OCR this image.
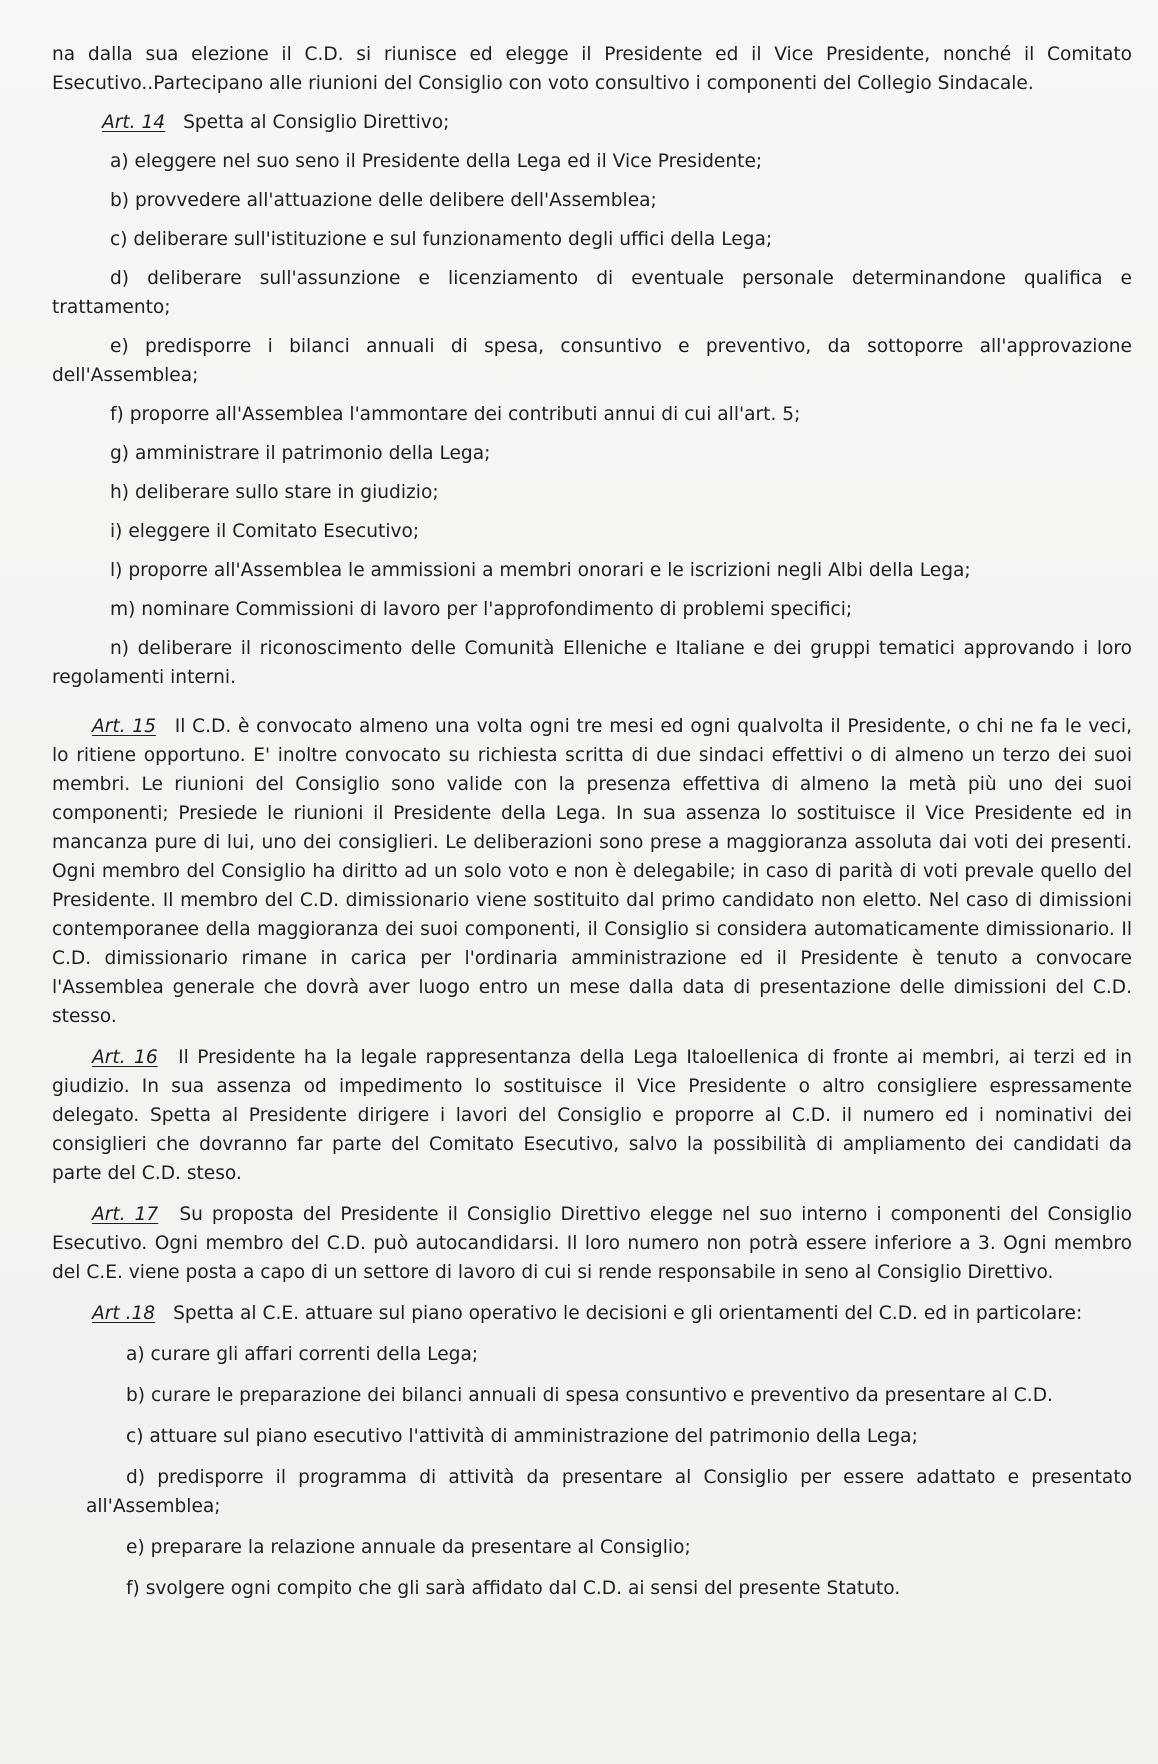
na dalla sua elezione il C.D. si riunisce ed elegge il Presidente ed il Vice Presidente, nonché il Comitato Esecutivo..Partecipano alle riunioni del Consiglio con voto consultivo i componenti del Collegio Sindacale.

Art. 14 Spetta al Consiglio Direttivo;

a) eleggere nel suo seno il Presidente della Lega ed il Vice Presidente;

b) provvedere all'attuazione delle delibere dell'Assemblea;

c) deliberare sull'istituzione e sul funzionamento degli uffici della Lega;

d) deliberare sull'assunzione e licenziamento di eventuale personale determinandone qualifica e trattamento;

e) predisporre i bilanci annuali di spesa, consuntivo e preventivo, da sottoporre all'approvazione dell'Assemblea;

f) proporre all'Assemblea l'ammontare dei contributi annui di cui all'art. 5;

g) amministrare il patrimonio della Lega;

h) deliberare sullo stare in giudizio;

i) eleggere il Comitato Esecutivo;

l) proporre all'Assemblea le ammissioni a membri onorari e le iscrizioni negli Albi della Lega;

m) nominare Commissioni di lavoro per l'approfondimento di problemi specifici;

n) deliberare il riconoscimento delle Comunità Elleniche e Italiane e dei gruppi tematici approvando i loro regolamenti interni.

Art. 15 Il C.D. è convocato almeno una volta ogni tre mesi ed ogni qualvolta il Presidente, o chi ne fa le veci, lo ritiene opportuno. E' inoltre convocato su richiesta scritta di due sindaci effettivi o di almeno un terzo dei suoi membri. Le riunioni del Consiglio sono valide con la presenza effettiva di almeno la metà più uno dei suoi componenti; Presiede le riunioni il Presidente della Lega. In sua assenza lo sostituisce il Vice Presidente ed in mancanza pure di lui, uno dei consiglieri. Le deliberazioni sono prese a maggioranza assoluta dai voti dei presenti. Ogni membro del Consiglio ha diritto ad un solo voto e non è delegabile; in caso di parità di voti prevale quello del Presidente. Il membro del C.D. dimissionario viene sostituito dal primo candidato non eletto. Nel caso di dimissioni contemporanee della maggioranza dei suoi componenti, il Consiglio si considera automaticamente dimissionario. Il C.D. dimissionario rimane in carica per l'ordinaria amministrazione ed il Presidente è tenuto a convocare l'Assemblea generale che dovrà aver luogo entro un mese dalla data di presentazione delle dimissioni del C.D. stesso.

Art. 16 Il Presidente ha la legale rappresentanza della Lega Italoellenica di fronte ai membri, ai terzi ed in giudizio. In sua assenza od impedimento lo sostituisce il Vice Presidente o altro consigliere espressamente delegato. Spetta al Presidente dirigere i lavori del Consiglio e proporre al C.D. il numero ed i nominativi dei consiglieri che dovranno far parte del Comitato Esecutivo, salvo la possibilità di ampliamento dei candidati da parte del C.D. steso.

Art. 17 Su proposta del Presidente il Consiglio Direttivo elegge nel suo interno i componenti del Consiglio Esecutivo. Ogni membro del C.D. può autocandidarsi. Il loro numero non potrà essere inferiore a 3. Ogni membro del C.E. viene posta a capo di un settore di lavoro di cui si rende responsabile in seno al Consiglio Direttivo.

Art .18 Spetta al C.E. attuare sul piano operativo le decisioni e gli orientamenti del C.D. ed in particolare:

a) curare gli affari correnti della Lega;

b) curare le preparazione dei bilanci annuali di spesa consuntivo e preventivo da presentare al C.D.

c) attuare sul piano esecutivo l'attività di amministrazione del patrimonio della Lega;

d) predisporre il programma di attività da presentare al Consiglio per essere adattato e presentato all'Assemblea;

e) preparare la relazione annuale da presentare al Consiglio;

f) svolgere ogni compito che gli sarà affidato dal C.D. ai sensi del presente Statuto.
